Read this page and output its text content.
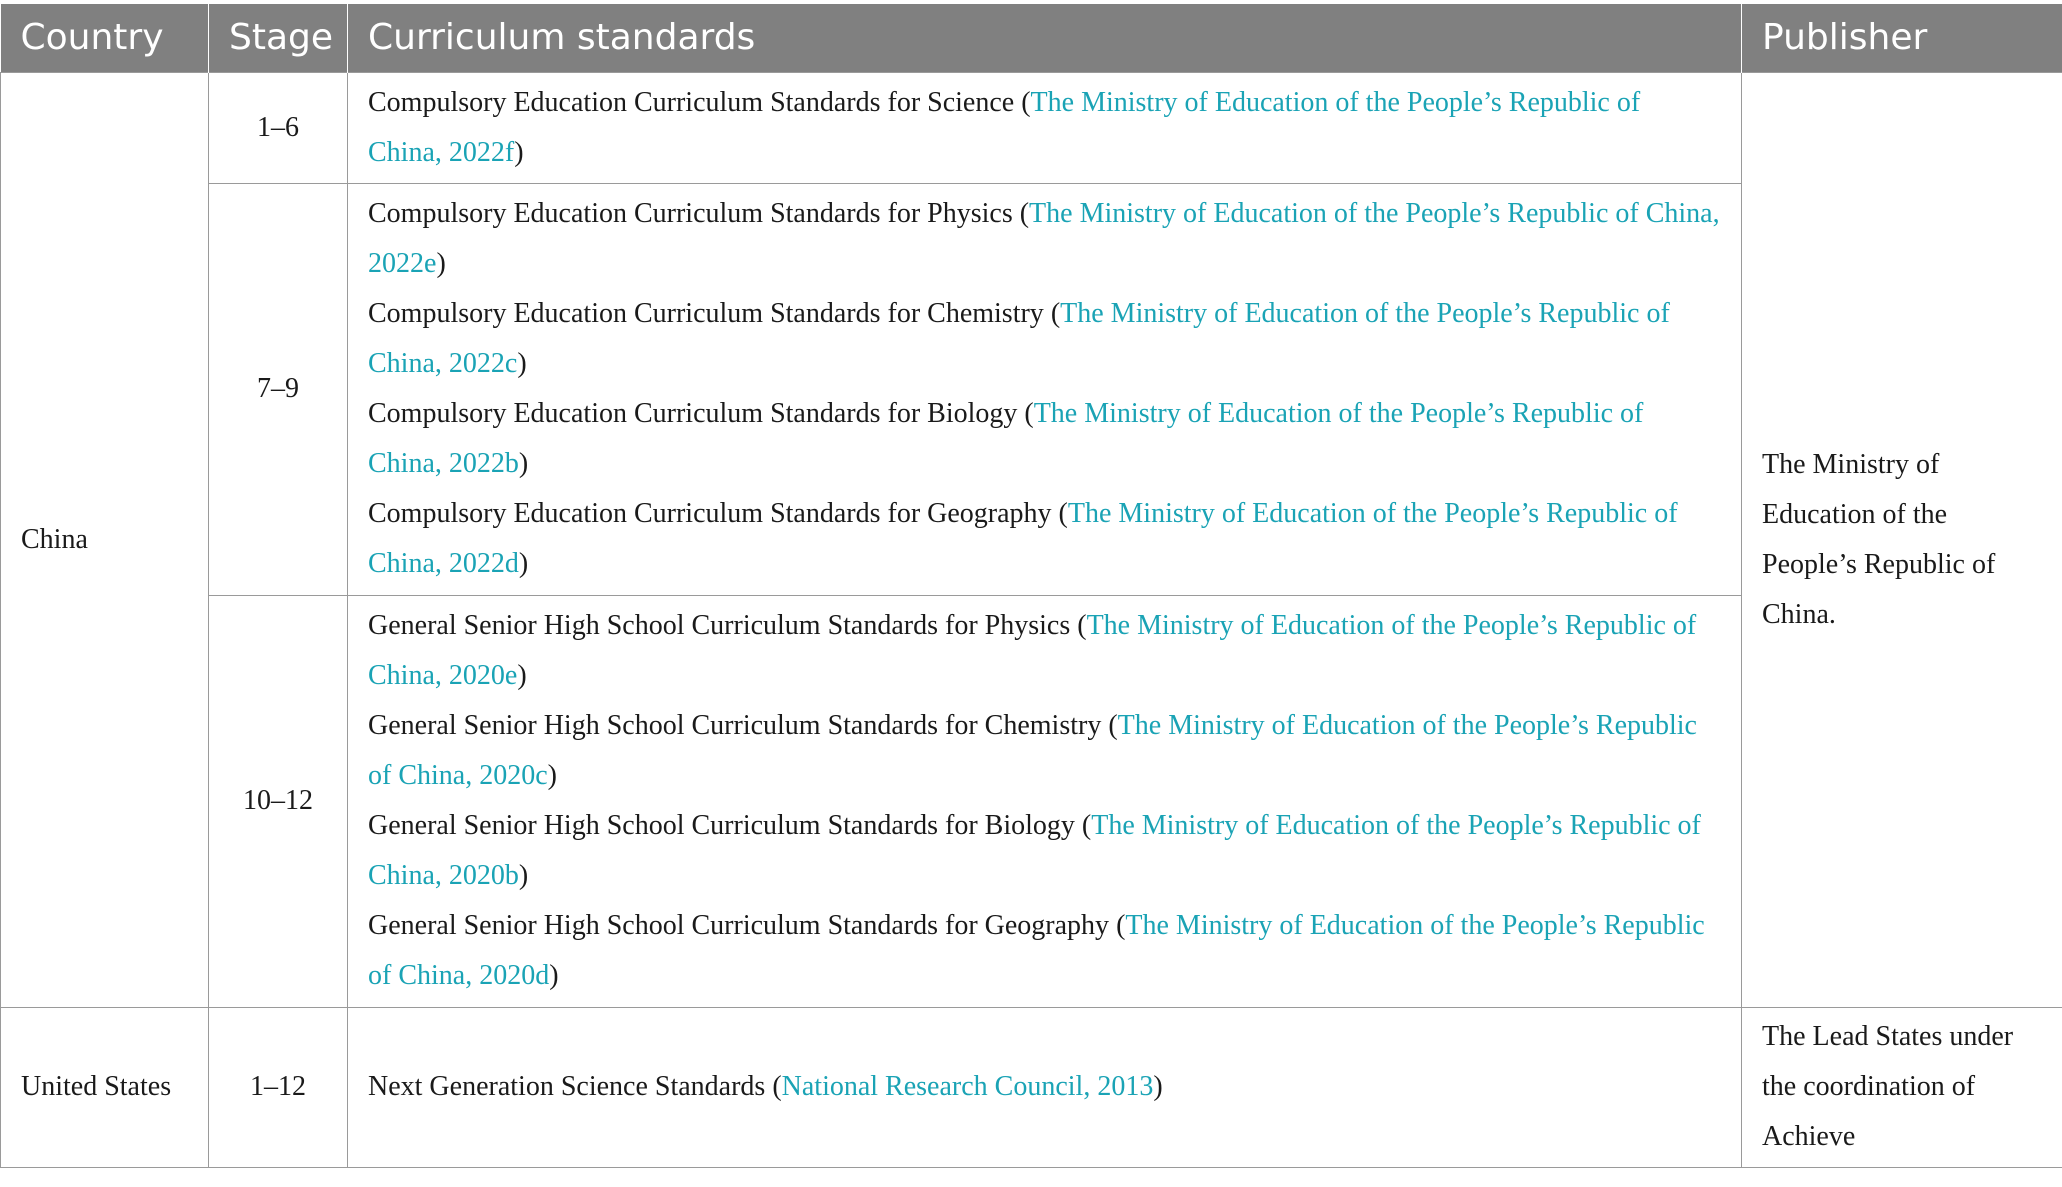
Country	Stage	Curriculum standards	Publisher
China	1–6	Compulsory Education Curriculum Standards for Science (The Ministry of Education of the People’s Republic of China, 2022f)	The Ministry of Education of the People’s Republic of China.
	7–9	Compulsory Education Curriculum Standards for Physics (The Ministry of Education of the People’s Republic of China, 2022e)
Compulsory Education Curriculum Standards for Chemistry (The Ministry of Education of the People’s Republic of China, 2022c)
Compulsory Education Curriculum Standards for Biology (The Ministry of Education of the People’s Republic of China, 2022b)
Compulsory Education Curriculum Standards for Geography (The Ministry of Education of the People’s Republic of China, 2022d)	

	10–12	General Senior High School Curriculum Standards for Physics (The Ministry of Education of the People’s Republic of China, 2020e)
General Senior High School Curriculum Standards for Chemistry (The Ministry of Education of the People’s Republic of China, 2020c)
General Senior High School Curriculum Standards for Biology (The Ministry of Education of the People’s Republic of China, 2020b)
General Senior High School Curriculum Standards for Geography (The Ministry of Education of the People’s Republic of China, 2020d)	

United States	1–12	Next Generation Science Standards (National Research Council, 2013)	The Lead States under the coordination of Achieve
